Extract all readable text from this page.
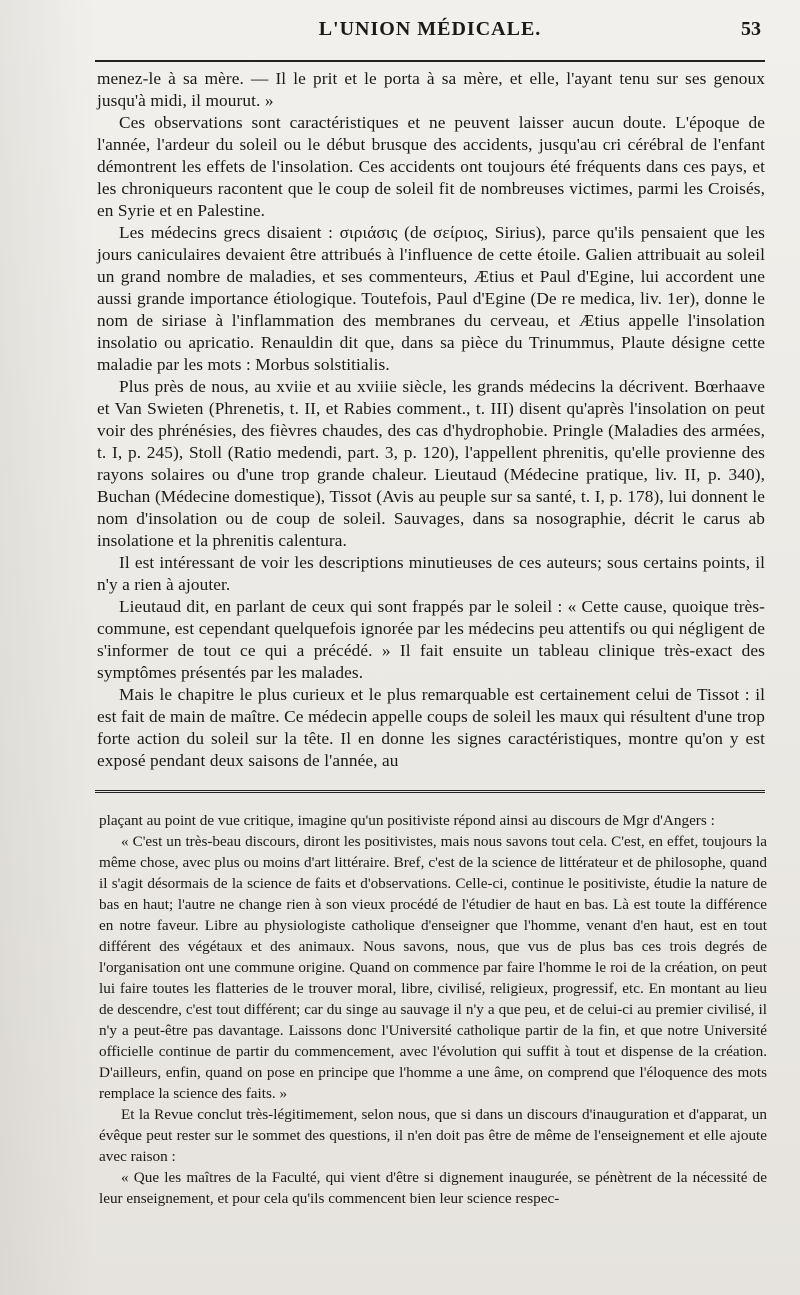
L'UNION MÉDICALE.	53

menez-le à sa mère. — Il le prit et le porta à sa mère, et elle, l'ayant tenu sur ses genoux jusqu'à midi, il mourut. »

Ces observations sont caractéristiques et ne peuvent laisser aucun doute. L'époque de l'année, l'ardeur du soleil ou le début brusque des accidents, jusqu'au cri cérébral de l'enfant démontrent les effets de l'insolation. Ces accidents ont toujours été fréquents dans ces pays, et les chroniqueurs racontent que le coup de soleil fit de nombreuses victimes, parmi les Croisés, en Syrie et en Palestine.

Les médecins grecs disaient : σιριάσις (de σείριος, Sirius), parce qu'ils pensaient que les jours caniculaires devaient être attribués à l'influence de cette étoile. Galien attribuait au soleil un grand nombre de maladies, et ses commenteurs, Ætius et Paul d'Egine, lui accordent une aussi grande importance étiologique. Toutefois, Paul d'Egine (De re medica, liv. 1er), donne le nom de siriase à l'inflammation des membranes du cerveau, et Ætius appelle l'insolation insolatio ou apricatio. Renauldin dit que, dans sa pièce du Trinummus, Plaute désigne cette maladie par les mots : Morbus solstitialis.

Plus près de nous, au xviie et au xviiie siècle, les grands médecins la décrivent. Bœrhaave et Van Swieten (Phrenetis, t. II, et Rabies comment., t. III) disent qu'après l'insolation on peut voir des phrénésies, des fièvres chaudes, des cas d'hydrophobie. Pringle (Maladies des armées, t. I, p. 245), Stoll (Ratio medendi, part. 3, p. 120), l'appellent phrenitis, qu'elle provienne des rayons solaires ou d'une trop grande chaleur. Lieutaud (Médecine pratique, liv. II, p. 340), Buchan (Médecine domestique), Tissot (Avis au peuple sur sa santé, t. I, p. 178), lui donnent le nom d'insolation ou de coup de soleil. Sauvages, dans sa nosographie, décrit le carus ab insolatione et la phrenitis calentura.

Il est intéressant de voir les descriptions minutieuses de ces auteurs; sous certains points, il n'y a rien à ajouter.

Lieutaud dit, en parlant de ceux qui sont frappés par le soleil : « Cette cause, quoique très-commune, est cependant quelquefois ignorée par les médecins peu attentifs ou qui négligent de s'informer de tout ce qui a précédé. » Il fait ensuite un tableau clinique très-exact des symptômes présentés par les malades.

Mais le chapitre le plus curieux et le plus remarquable est certainement celui de Tissot : il est fait de main de maître. Ce médecin appelle coups de soleil les maux qui résultent d'une trop forte action du soleil sur la tête. Il en donne les signes caractéristiques, montre qu'on y est exposé pendant deux saisons de l'année, au

plaçant au point de vue critique, imagine qu'un positiviste répond ainsi au discours de Mgr d'Angers :

« C'est un très-beau discours, diront les positivistes, mais nous savons tout cela. C'est, en effet, toujours la même chose, avec plus ou moins d'art littéraire. Bref, c'est de la science de littérateur et de philosophe, quand il s'agit désormais de la science de faits et d'observations. Celle-ci, continue le positiviste, étudie la nature de bas en haut; l'autre ne change rien à son vieux procédé de l'étudier de haut en bas. Là est toute la différence en notre faveur. Libre au physiologiste catholique d'enseigner que l'homme, venant d'en haut, est en tout différent des végétaux et des animaux. Nous savons, nous, que vus de plus bas ces trois degrés de l'organisation ont une commune origine. Quand on commence par faire l'homme le roi de la création, on peut lui faire toutes les flatteries de le trouver moral, libre, civilisé, religieux, progressif, etc. En montant au lieu de descendre, c'est tout différent; car du singe au sauvage il n'y a que peu, et de celui-ci au premier civilisé, il n'y a peut-être pas davantage. Laissons donc l'Université catholique partir de la fin, et que notre Université officielle continue de partir du commencement, avec l'évolution qui suffit à tout et dispense de la création. D'ailleurs, enfin, quand on pose en principe que l'homme a une âme, on comprend que l'éloquence des mots remplace la science des faits. »

Et la Revue conclut très-légitimement, selon nous, que si dans un discours d'inauguration et d'apparat, un évêque peut rester sur le sommet des questions, il n'en doit pas être de même de l'enseignement et elle ajoute avec raison :

« Que les maîtres de la Faculté, qui vient d'être si dignement inaugurée, se pénètrent de la nécessité de leur enseignement, et pour cela qu'ils commencent bien leur science respec-
